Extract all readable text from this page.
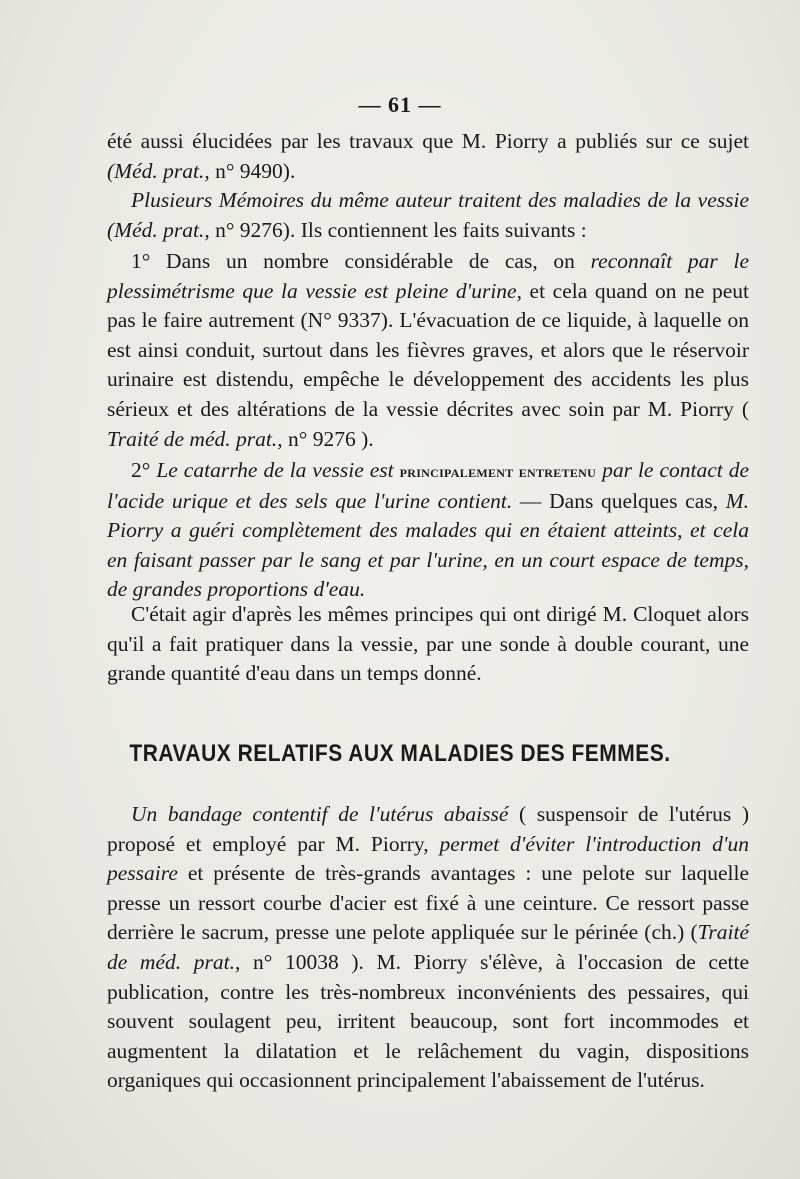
— 61 —

été aussi élucidées par les travaux que M. Piorry a publiés sur ce sujet (Méd. prat., n° 9490).

Plusieurs Mémoires du même auteur traitent des maladies de la vessie (Méd. prat., n° 9276). Ils contiennent les faits suivants :

1° Dans un nombre considérable de cas, on reconnaît par le plessimétrisme que la vessie est pleine d'urine, et cela quand on ne peut pas le faire autrement (N° 9337). L'évacuation de ce liquide, à laquelle on est ainsi conduit, surtout dans les fièvres graves, et alors que le réservoir urinaire est distendu, empêche le développement des accidents les plus sérieux et des altérations de la vessie décrites avec soin par M. Piorry ( Traité de méd. prat., n° 9276 ).

2° Le catarrhe de la vessie est principalement entretenu par le contact de l'acide urique et des sels que l'urine contient. — Dans quelques cas, M. Piorry a guéri complètement des malades qui en étaient atteints, et cela en faisant passer par le sang et par l'urine, en un court espace de temps, de grandes proportions d'eau.

C'était agir d'après les mêmes principes qui ont dirigé M. Cloquet alors qu'il a fait pratiquer dans la vessie, par une sonde à double courant, une grande quantité d'eau dans un temps donné.

TRAVAUX RELATIFS AUX MALADIES DES FEMMES.

Un bandage contentif de l'utérus abaissé ( suspensoir de l'utérus ) proposé et employé par M. Piorry, permet d'éviter l'introduction d'un pessaire et présente de très-grands avantages : une pelote sur laquelle presse un ressort courbe d'acier est fixé à une ceinture. Ce ressort passe derrière le sacrum, presse une pelote appliquée sur le périnée (ch.) (Traité de méd. prat., n° 10038 ). M. Piorry s'élève, à l'occasion de cette publication, contre les très-nombreux inconvénients des pessaires, qui souvent soulagent peu, irritent beaucoup, sont fort incommodes et augmentent la dilatation et le relâchement du vagin, dispositions organiques qui occasionnent principalement l'abaissement de l'utérus.
